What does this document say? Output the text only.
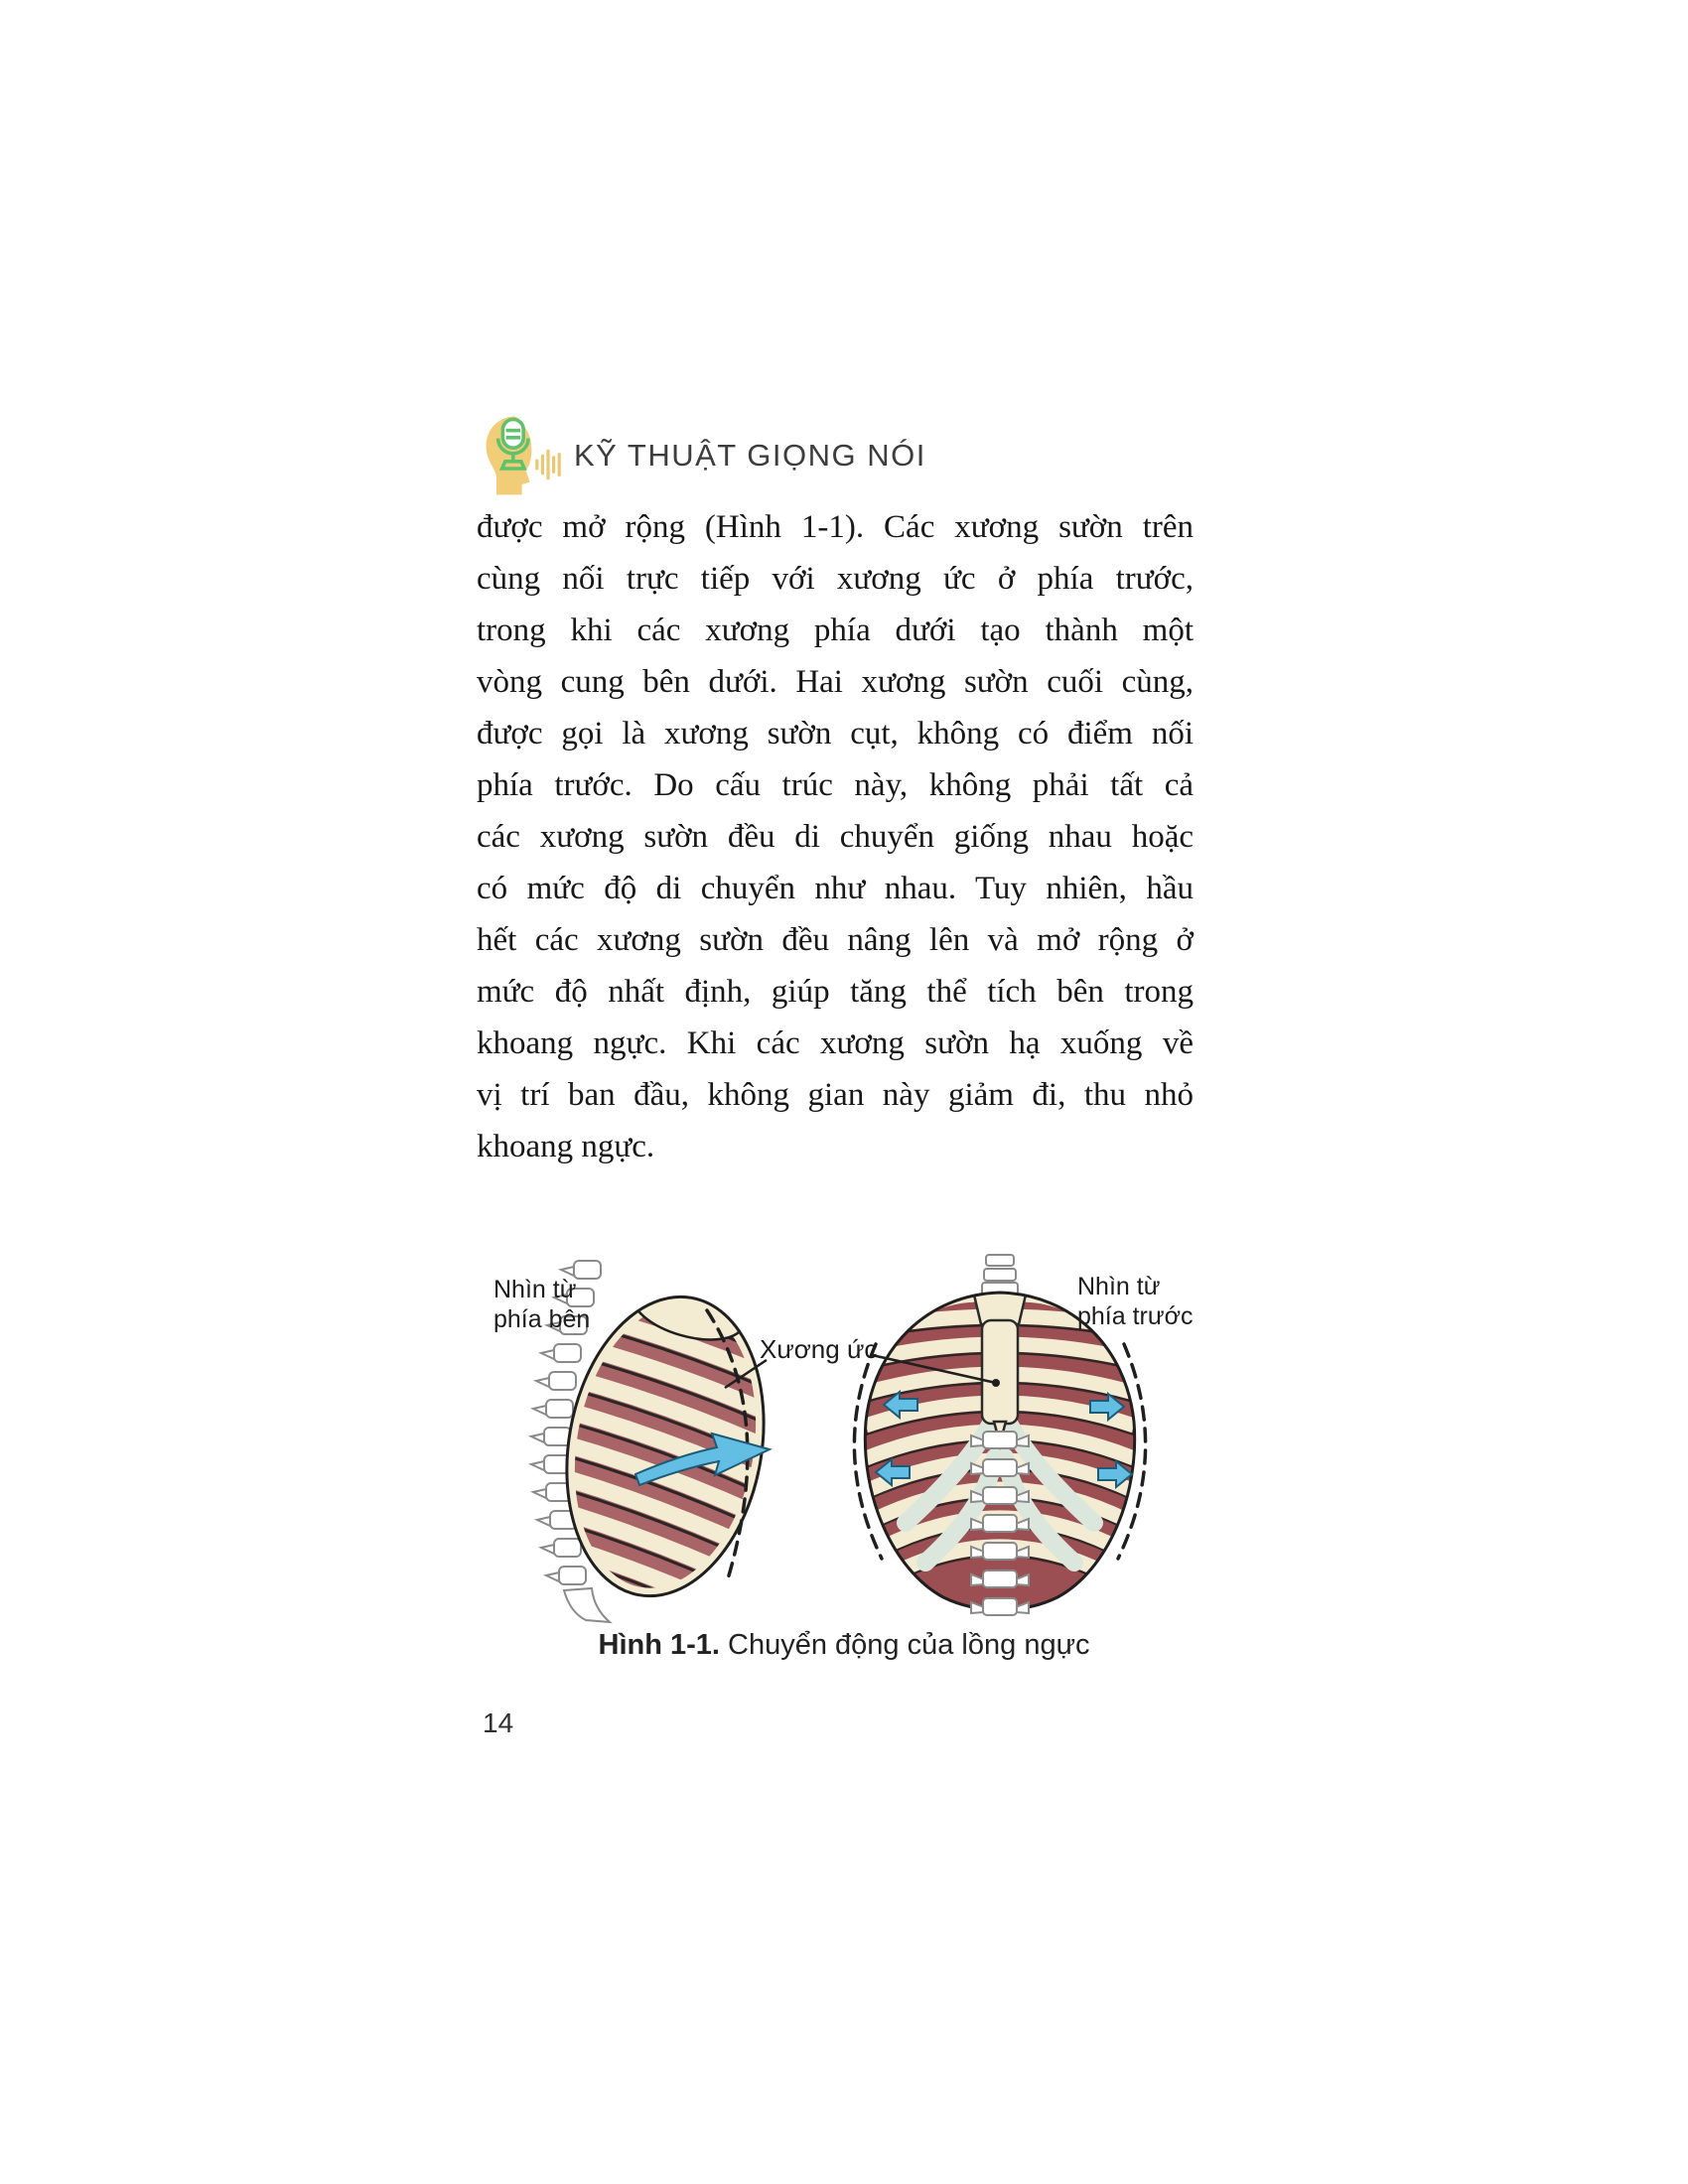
KỸ THUẬT GIỌNG NÓI
được mở rộng (Hình 1-1). Các xương sườn trên
cùng nối trực tiếp với xương ức ở phía trước,
trong khi các xương phía dưới tạo thành một
vòng cung bên dưới. Hai xương sườn cuối cùng,
được gọi là xương sườn cụt, không có điểm nối
phía trước. Do cấu trúc này, không phải tất cả
các xương sườn đều di chuyển giống nhau hoặc
có mức độ di chuyển như nhau. Tuy nhiên, hầu
hết các xương sườn đều nâng lên và mở rộng ở
mức độ nhất định, giúp tăng thể tích bên trong
khoang ngực. Khi các xương sườn hạ xuống về
vị trí ban đầu, không gian này giảm đi, thu nhỏ
khoang ngực.
Nhìn từ
phía bên
Nhìn từ
phía trước
Xương ức
Hình 1-1. Chuyển động của lồng ngực
14
